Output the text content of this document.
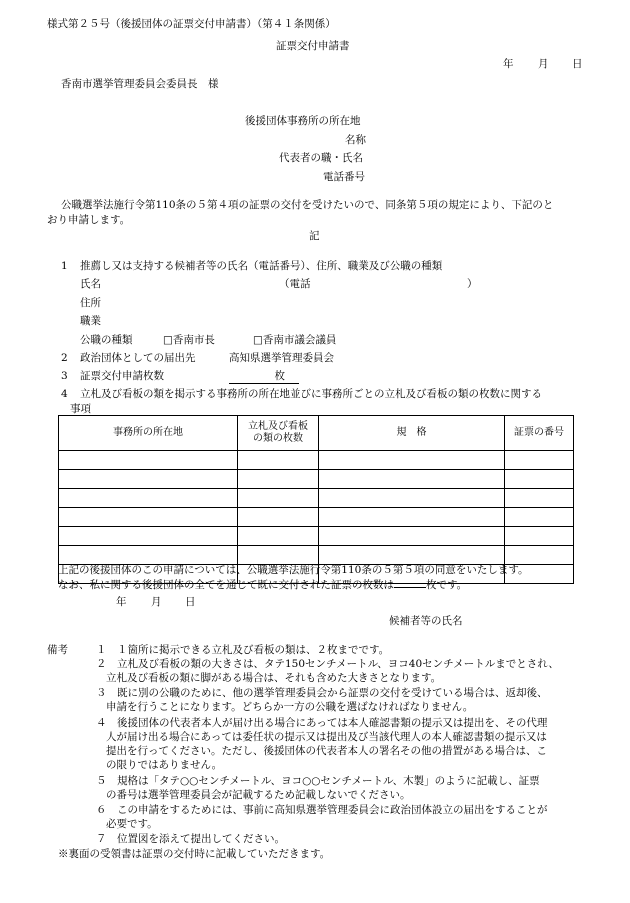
様式第２５号（後援団体の証票交付申請書）（第４１条関係）
証票交付申請書
年 月 日
香南市選挙管理委員会委員長　様
後援団体事務所の所在地
名称
代表者の職・氏名
電話番号
公職選挙法施行令第110条の５第４項の証票の交付を受けたいので、同条第５項の規定により、下記のと
おり申請します。
記
1 推薦し又は支持する候補者等の氏名（電話番号）、住所、職業及び公職の種類
氏名	（電話	）
住所
職業
公職の種類	□香南市長	□香南市議会議員
2 政治団体としての届出先	高知県選挙管理委員会
3 証票交付申請枚数	枚
4 立札及び看板の類を掲示する事務所の所在地並びに事務所ごとの立札及び看板の類の枚数に関する
事項
事務所の所在地	立札及び看板の類の枚数	規　格	証票の番号

上記の後援団体のこの申請については、公職選挙法施行令第110条の５第５項の同意をいたします。
なお、私に関する後援団体の全てを通じて既に交付された証票の枚数は	枚です。
年 月 日
候補者等の氏名
備考	１　１箇所に掲示できる立札及び看板の類は、２枚までです。
２　立札及び看板の類の大きさは、タテ150センチメートル、ヨコ40センチメートルまでとされ、
立札及び看板の類に脚がある場合は、それも含めた大きさとなります。
３　既に別の公職のために、他の選挙管理委員会から証票の交付を受けている場合は、返却後、
申請を行うことになります。どちらか一方の公職を選ばなければなりません。
４　後援団体の代表者本人が届け出る場合にあっては本人確認書類の提示又は提出を、その代理
人が届け出る場合にあっては委任状の提示又は提出及び当該代理人の本人確認書類の提示又は
提出を行ってください。ただし、後援団体の代表者本人の署名その他の措置がある場合は、こ
の限りではありません。
５　規格は「タテ○○センチメートル、ヨコ○○センチメートル、木製」のように記載し、証票
の番号は選挙管理委員会が記載するため記載しないでください。
６　この申請をするためには、事前に高知県選挙管理委員会に政治団体設立の届出をすることが
必要です。
７　位置図を添えて提出してください。
※裏面の受領書は証票の交付時に記載していただきます。
